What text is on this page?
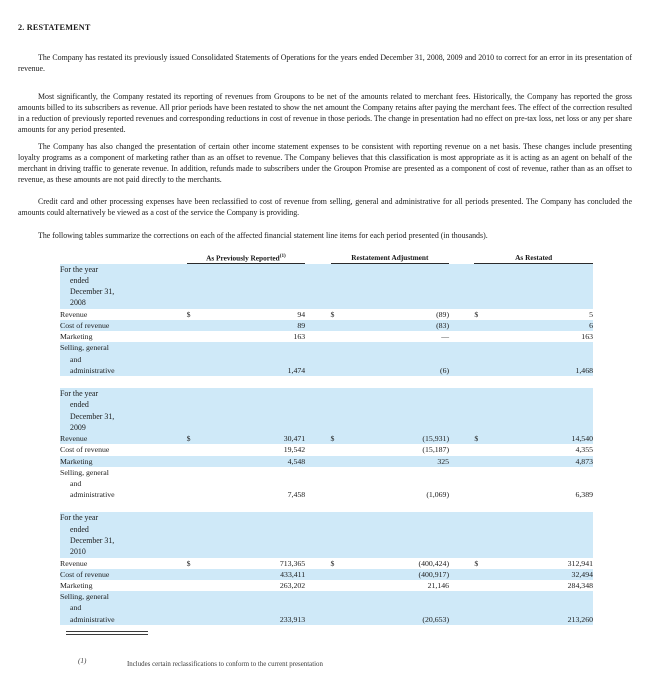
2. RESTATEMENT

The Company has restated its previously issued Consolidated Statements of Operations for the years ended December 31, 2008, 2009 and 2010 to correct for an error in its presentation of revenue.

Most significantly, the Company restated its reporting of revenues from Groupons to be net of the amounts related to merchant fees. Historically, the Company has reported the gross amounts billed to its subscribers as revenue. All prior periods have been restated to show the net amount the Company retains after paying the merchant fees. The effect of the correction resulted in a reduction of previously reported revenues and corresponding reductions in cost of revenue in those periods. The change in presentation had no effect on pre-tax loss, net loss or any per share amounts for any period presented.

The Company has also changed the presentation of certain other income statement expenses to be consistent with reporting revenue on a net basis. These changes include presenting loyalty programs as a component of marketing rather than as an offset to revenue. The Company believes that this classification is most appropriate as it is acting as an agent on behalf of the merchant in driving traffic to generate revenue. In addition, refunds made to subscribers under the Groupon Promise are presented as a component of cost of revenue, rather than as an offset to revenue, as these amounts are not paid directly to the merchants.

Credit card and other processing expenses have been reclassified to cost of revenue from selling, general and administrative for all periods presented. The Company has concluded the amounts could alternatively be viewed as a cost of the service the Company is providing.

The following tables summarize the corrections on each of the affected financial statement line items for each period presented (in thousands).

	As Previously Reported$^{(1)}$			Restatement Adjustment			As Restated	

For the year
ended
December 31,
2008								

Revenue	$	94		$	(89)		$	5
Cost of revenue		89			(83)			6
Marketing		163			—			163
Selling, general								
and								
administrative		1,474			(6)			1,468

For the year
ended
December 31,
2009								

Revenue	$	30,471		$	(15,931)		$	14,540
Cost of revenue		19,542			(15,187)			4,355
Marketing		4,548			325			4,873
Selling, general								
and								
administrative		7,458			(1,069)			6,389

For the year
ended
December 31,
2010								

Revenue	$	713,365		$	(400,424)		$	312,941
Cost of revenue		433,411			(400,917)			32,494
Marketing		263,202			21,146			284,348
Selling, general								
and								
administrative		233,913			(20,653)			213,260
(1)	Includes certain reclassifications to conform to the current presentation
